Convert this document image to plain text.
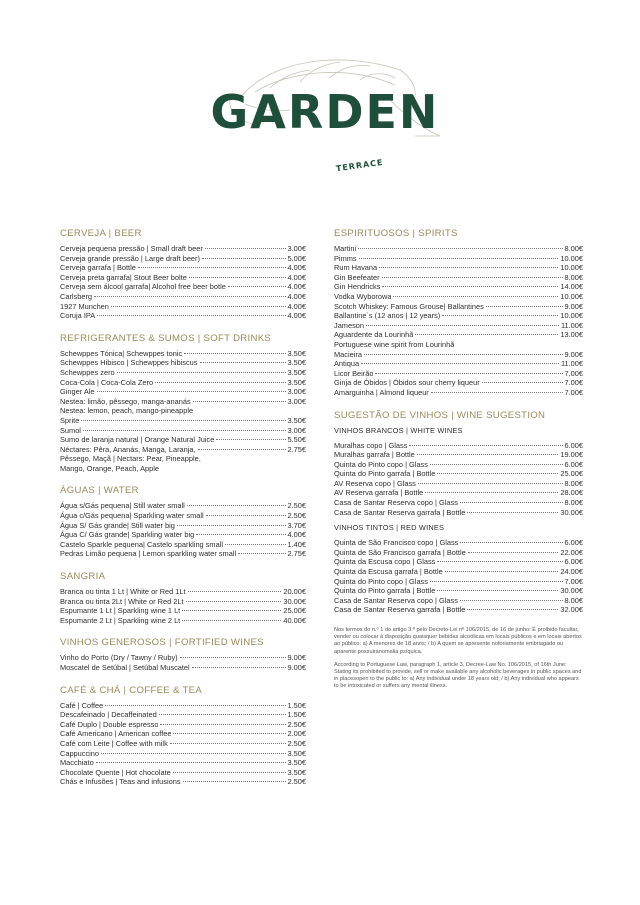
GARDEN
TERRACE
CERVEJA | BEER
Cerveja pequena pressão | Small draft beer	3.00€
Cerveja grande pressão | Large draft beer)	5.00€
Cerveja garrafa | Bottle	4.00€
Cerveja preta garrafa| Stout Beer bolte	4.00€
Cerveja sem álcool garrafa| Alcohol free beer botle	4.00€
Carlsberg	4.00€
1927 Munchen	4.00€
Coruja IPA	4.00€
REFRIGERANTES & SUMOS | SOFT DRINKS
Schewppes Tónica| Schewppes tonic	3.50€
Schewppes Hibisco | Schewppes hibiscus	3.50€
Schewppes zero	3.50€
Coca-Cola | Coca-Cola Zero	3.50€
Ginger Ale	3.00€
Nestea: limão, pêssego, manga-ananás	3.00€
Nestea: lemon, peach, mango-pineapple
Sprite	3.50€
Sumol	3.00€
Sumo de laranja natural | Orange Natural Juice	5.50€
Néctares: Pêra, Ananás, Manga, Laranja,	2.75€
Pêssego, Maçã | Nectars: Pear, Pineapple,
Mango, Orange, Peach, Apple
ÁGUAS | WATER
Água s/Gás pequena| Still water small	2.50€
Água c/Gás pequena| Sparkling water small	2.50€
Água S/ Gás grande| Still water big	3.70€
Água C/ Gás grande| Sparkling water big	4.00€
Castelo Sparkle pequena| Castelo sparkling small	1.40€
Pedras Limão pequena | Lemon sparkling water small	2.75€
SANGRIA
Branca ou tinta 1 Lt | White or Red 1Lt	20.00€
Branca ou tinta 2Lt | White or Red 2Lt	30.00€
Espumante 1 Lt | Sparkling wine 1 Lt	25.00€
Espumante 2 Lt | Sparkling wine 2 Lt	40.00€
VINHOS GENEROSOS | FORTIFIED WINES
Vinho do Porto (Dry / Tawny / Ruby)	9.00€
Moscatel de Setúbal | Setúbal Muscatel	9.00€
CAFÉ & CHÁ | COFFEE & TEA
Café | Coffee	1.50€
Descafeinado | Decaffeinated	1.50€
Café Duplo | Double espresso	2.50€
Café Americano | American coffee	2.00€
Café com Leite | Coffee with milk	2.50€
Cappuccino	3.50€
Macchiato	3.50€
Chocolate Quente | Hot chocolate	3.50€
Chás e Infusões | Teas and infusions	2.50€
ESPIRITUOSOS | SPIRITS
Martini	8.00€
Pimms	10.00€
Rum Havana	10.00€
Gin Beefeater	8.00€
Gin Hendricks	14.00€
Vodka Wyborowa	10.00€
Scotch Whiskey: Famous Grouse| Ballantines	9.00€
Ballantine´s (12 anos | 12 years)	10.00€
Jameson	11.00€
Aguardente da Lourinhã	13.00€
Portuguese wine spirit from Lourinhã
Macieira	9.00€
Antiqua	11.00€
Licor Beirão	7.00€
Ginja de Óbidos | Óbidos sour cherry liqueur	7.00€
Amarguinha | Almond liqueur	7.00€
SUGESTÃO DE VINHOS | WINE SUGESTION
VINHOS BRANCOS | WHITE WINES
Muralhas copo | Glass	6.00€
Muralhas garrafa | Bottle	19.00€
Quinta do Pinto copo | Glass	6.00€
Quinta do Pinto garrafa | Bottle	25.00€
AV Reserva copo | Glass	8.00€
AV Reserva garrafa | Bottle	28.00€
Casa de Santar Reserva copo | Glass	8.00€
Casa de Santar Reserva garrafa | Bottle	30.00€
VINHOS TINTOS | RED WINES
Quinta de São Francisco copo | Glass	6.00€
Quinta de São Francisco garrafa | Bottle	22.00€
Quinta da Escusa copo | Glass	6.00€
Quinta da Escusa garrafa | Bottle	24.00€
Quinta do Pinto copo | Glass	7.00€
Quinta do Pinto garrafa | Bottle	30.00€
Casa de Santar Reserva copo | Glass	8.00€
Casa de Santar Reserva garrafa | Bottle	32.00€

Nos termos do n.º 1 do artigo 3.º pelo Decreto-Lei nº 106/2015, de 16 de junho: É proibido facultar, vender ou colocar à disposição quaisquer bebidas alcoólicas em locais públicos e em locais abertos ao público: a) A menores de 18 anos; / b) A quem se apresente notoriamente embriagado ou aparente possuiranomalia psíquica.

According to Portuguese Law, paragraph 1, article 3, Decree-Law No. 106/2015, of 16th June: Stating its prohibited to provide, sell or make available any alcoholic beverages in public spaces and in placesopen to the public to: a) Any individual under 18 years old; / b) Any individual who appears to be intoxicated or suffers any mental illness.
